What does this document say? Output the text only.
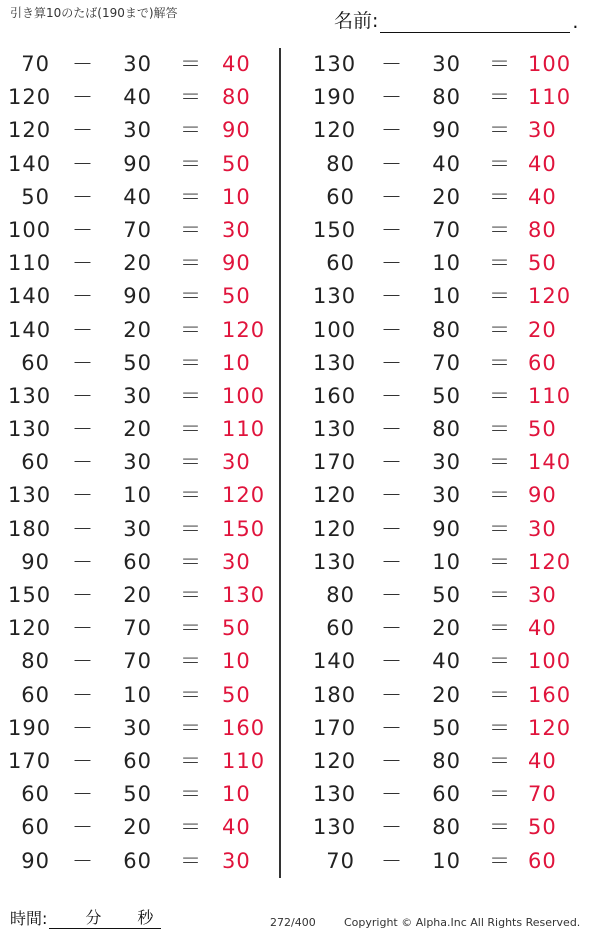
引き算10のたば(190まで)解答	名前:	.
70 － 30 ＝ 40
120 － 40 ＝ 80
120 － 30 ＝ 90
140 － 90 ＝ 50
50 － 40 ＝ 10
100 － 70 ＝ 30
110 － 20 ＝ 90
140 － 90 ＝ 50
140 － 20 ＝ 120
60 － 50 ＝ 10
130 － 30 ＝ 100
130 － 20 ＝ 110
60 － 30 ＝ 30
130 － 10 ＝ 120
180 － 30 ＝ 150
90 － 60 ＝ 30
150 － 20 ＝ 130
120 － 70 ＝ 50
80 － 70 ＝ 10
60 － 10 ＝ 50
190 － 30 ＝ 160
170 － 60 ＝ 110
60 － 50 ＝ 10
60 － 20 ＝ 40
90 － 60 ＝ 30
130 － 30 ＝ 100
190 － 80 ＝ 110
120 － 90 ＝ 30
80 － 40 ＝ 40
60 － 20 ＝ 40
150 － 70 ＝ 80
60 － 10 ＝ 50
130 － 10 ＝ 120
100 － 80 ＝ 20
130 － 70 ＝ 60
160 － 50 ＝ 110
130 － 80 ＝ 50
170 － 30 ＝ 140
120 － 30 ＝ 90
120 － 90 ＝ 30
130 － 10 ＝ 120
80 － 50 ＝ 30
60 － 20 ＝ 40
140 － 40 ＝ 100
180 － 20 ＝ 160
170 － 50 ＝ 120
120 － 80 ＝ 40
130 － 60 ＝ 70
130 － 80 ＝ 50
70 － 10 ＝ 60
時間: 分 秒	272/400	Copyright © Alpha.Inc All Rights Reserved.
